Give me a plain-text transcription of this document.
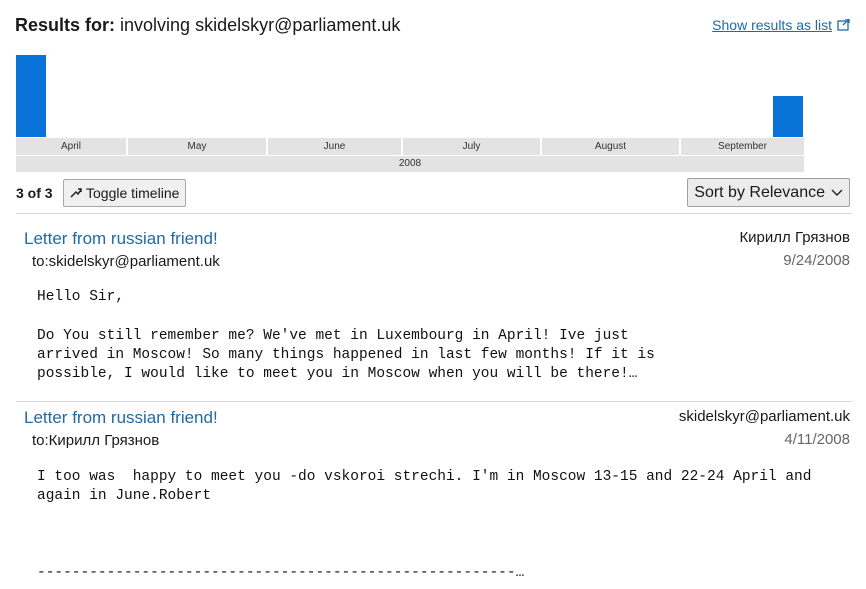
Results for: involving skidelskyr@parliament.uk	Show results as list
April	May	June	July	August	September
2008
3 of 3 Toggle timeline	Sort by Relevance
Letter from russian friend!
to:skidelskyr@parliament.uk
Кирилл Грязнов
9/24/2008
Hello Sir,

Do You still remember me? We've met in Luxembourg in April! Ive just
arrived in Moscow! So many things happened in last few months! If it is
possible, I would like to meet you in Moscow when you will be there!…
Letter from russian friend!
to:Кирилл Грязнов
skidelskyr@parliament.uk
4/11/2008
I too was  happy to meet you -do vskoroi strechi. I'm in Moscow 13-15 and 22-24 April and
again in June.Robert

-------------------------------------------------------…
